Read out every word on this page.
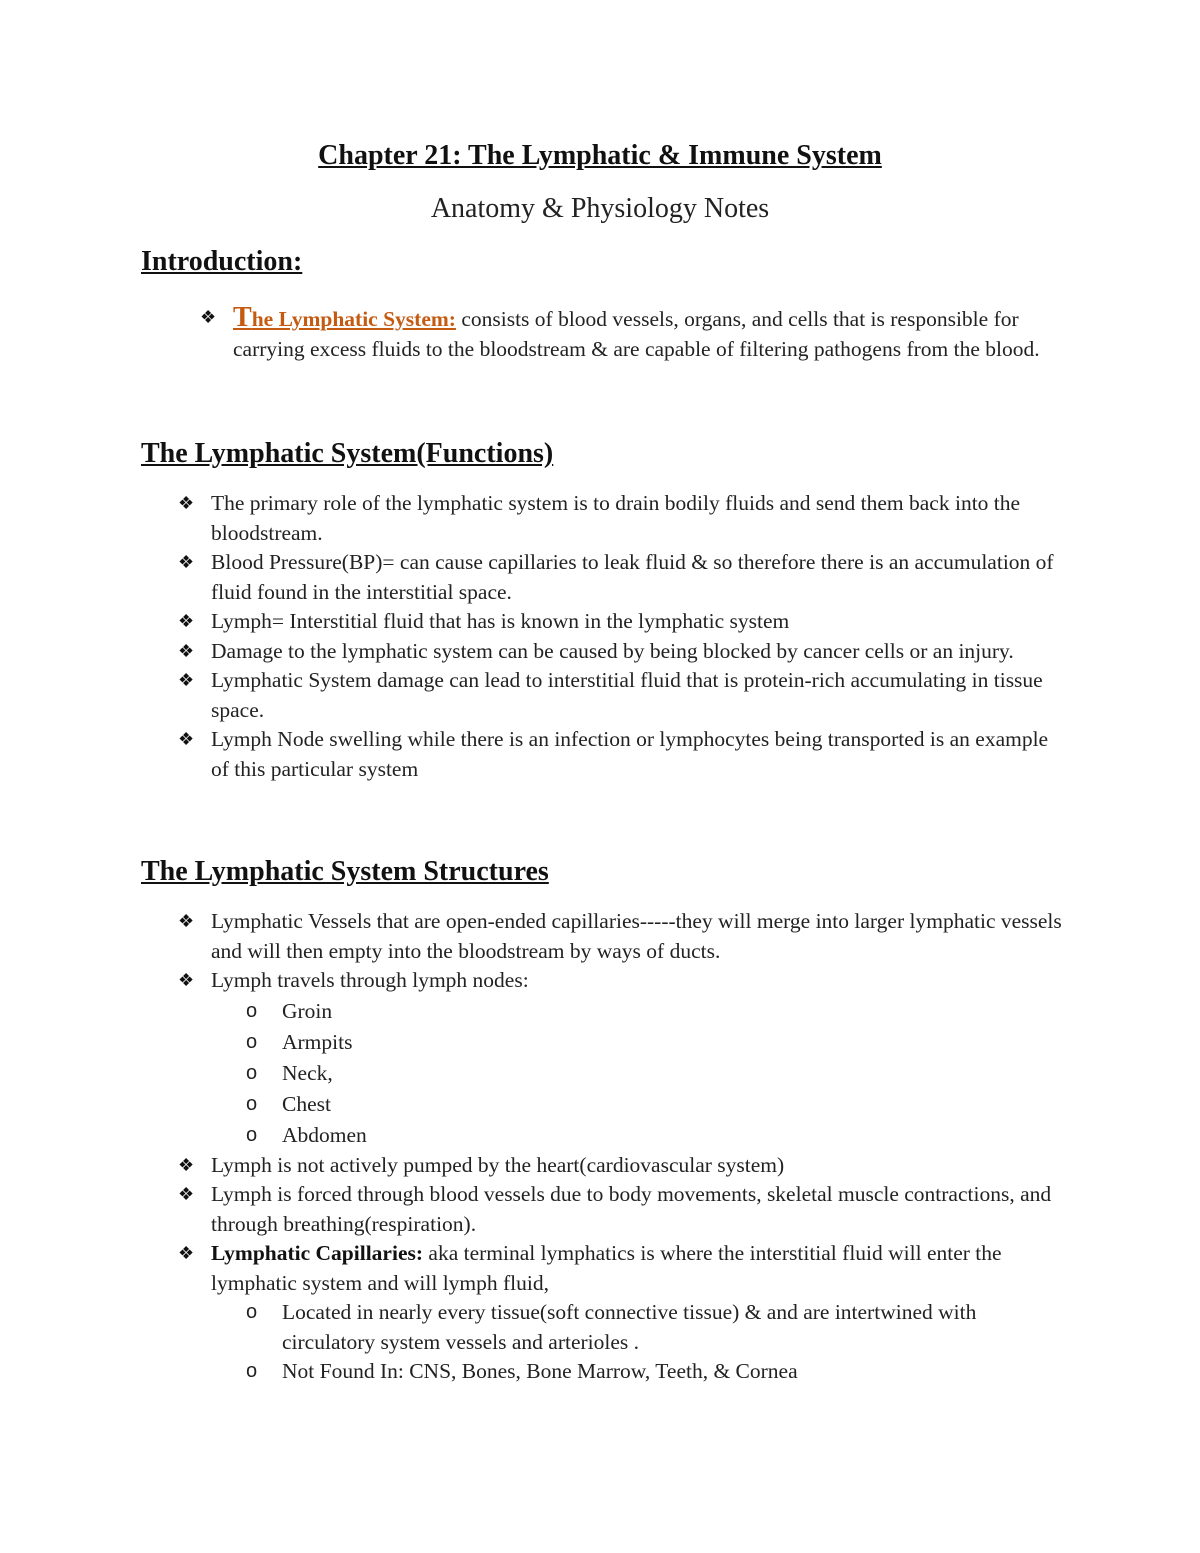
Chapter 21: The Lymphatic & Immune System
Anatomy & Physiology Notes
Introduction:
❖ The Lymphatic System: consists of blood vessels, organs, and cells that is responsible for carrying excess fluids to the bloodstream & are capable of filtering pathogens from the blood.
The Lymphatic System(Functions)
❖ The primary role of the lymphatic system is to drain bodily fluids and send them back into the bloodstream.
❖ Blood Pressure(BP)= can cause capillaries to leak fluid & so therefore there is an accumulation of fluid found in the interstitial space.
❖ Lymph= Interstitial fluid that has is known in the lymphatic system
❖ Damage to the lymphatic system can be caused by being blocked by cancer cells or an injury.
❖ Lymphatic System damage can lead to interstitial fluid that is protein-rich accumulating in tissue space.
❖ Lymph Node swelling while there is an infection or lymphocytes being transported is an example of this particular system
The Lymphatic System Structures
❖ Lymphatic Vessels that are open-ended capillaries-----they will merge into larger lymphatic vessels and will then empty into the bloodstream by ways of ducts.
❖ Lymph travels through lymph nodes:
o Groin
o Armpits
o Neck,
o Chest
o Abdomen
❖ Lymph is not actively pumped by the heart(cardiovascular system)
❖ Lymph is forced through blood vessels due to body movements, skeletal muscle contractions, and through breathing(respiration).
❖ Lymphatic Capillaries: aka terminal lymphatics is where the interstitial fluid will enter the lymphatic system and will lymph fluid,
o Located in nearly every tissue(soft connective tissue) & and are intertwined with circulatory system vessels and arterioles .
o Not Found In: CNS, Bones, Bone Marrow, Teeth, & Cornea
